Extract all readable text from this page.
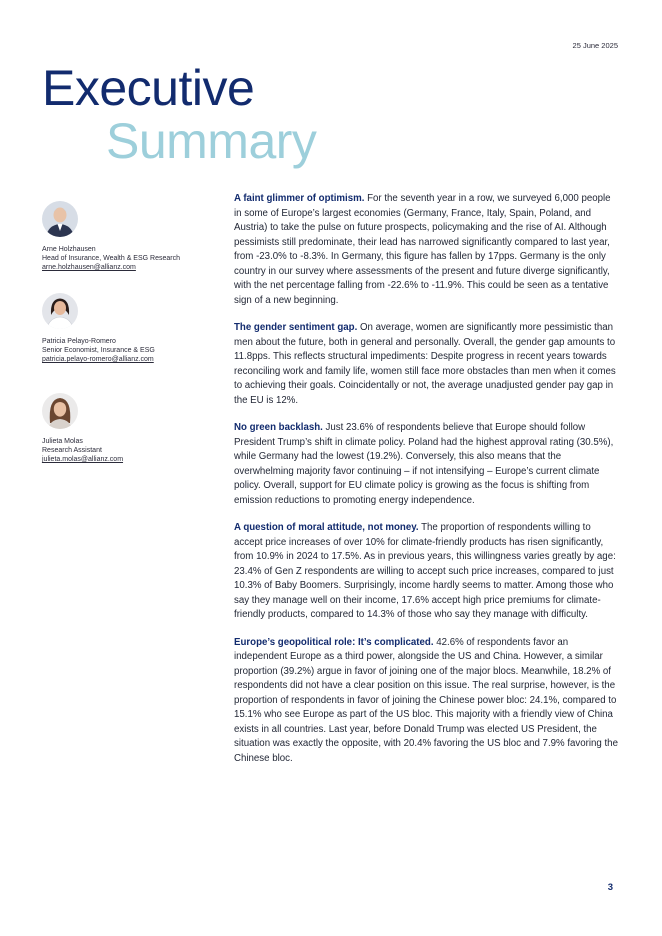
25 June 2025
Executive
Summary
Arne Holzhausen
Head of Insurance, Wealth & ESG Research
arne.holzhausen@allianz.com
Patricia Pelayo-Romero
Senior Economist, Insurance & ESG
patricia.pelayo-romero@allianz.com
Julieta Molas
Research Assistant
julieta.molas@allianz.com

A faint glimmer of optimism. For the seventh year in a row, we surveyed 6,000 people in some of Europe’s largest economies (Germany, France, Italy, Spain, Poland, and Austria) to take the pulse on future prospects, policymaking and the rise of AI. Although pessimists still predominate, their lead has narrowed significantly compared to last year, from -23.0% to -8.3%. In Germany, this figure has fallen by 17pps. Germany is the only country in our survey where assessments of the present and future diverge significantly, with the net percentage falling from -22.6% to -11.9%. This could be seen as a tentative sign of a new beginning.

The gender sentiment gap. On average, women are significantly more pessimistic than men about the future, both in general and personally. Overall, the gender gap amounts to 11.8pps. This reflects structural impediments: Despite progress in recent years towards reconciling work and family life, women still face more obstacles than men when it comes to achieving their goals. Coincidentally or not, the average unadjusted gender pay gap in the EU is 12%.

No green backlash. Just 23.6% of respondents believe that Europe should follow President Trump’s shift in climate policy. Poland had the highest approval rating (30.5%), while Germany had the lowest (19.2%). Conversely, this also means that the overwhelming majority favor continuing – if not intensifying – Europe’s current climate policy. Overall, support for EU climate policy is growing as the focus is shifting from emission reductions to promoting energy independence.

A question of moral attitude, not money. The proportion of respondents willing to accept price increases of over 10% for climate-friendly products has risen significantly, from 10.9% in 2024 to 17.5%. As in previous years, this willingness varies greatly by age: 23.4% of Gen Z respondents are willing to accept such price increases, compared to just 10.3% of Baby Boomers. Surprisingly, income hardly seems to matter. Among those who say they manage well on their income, 17.6% accept high price premiums for climate-friendly products, compared to 14.3% of those who say they manage with difficulty.

Europe’s geopolitical role: It’s complicated. 42.6% of respondents favor an independent Europe as a third power, alongside the US and China. However, a similar proportion (39.2%) argue in favor of joining one of the major blocs. Meanwhile, 18.2% of respondents did not have a clear position on this issue. The real surprise, however, is the proportion of respondents in favor of joining the Chinese power bloc: 24.1%, compared to 15.1% who see Europe as part of the US bloc. This majority with a friendly view of China exists in all countries. Last year, before Donald Trump was elected US President, the situation was exactly the opposite, with 20.4% favoring the US bloc and 7.9% favoring the Chinese bloc.

3
